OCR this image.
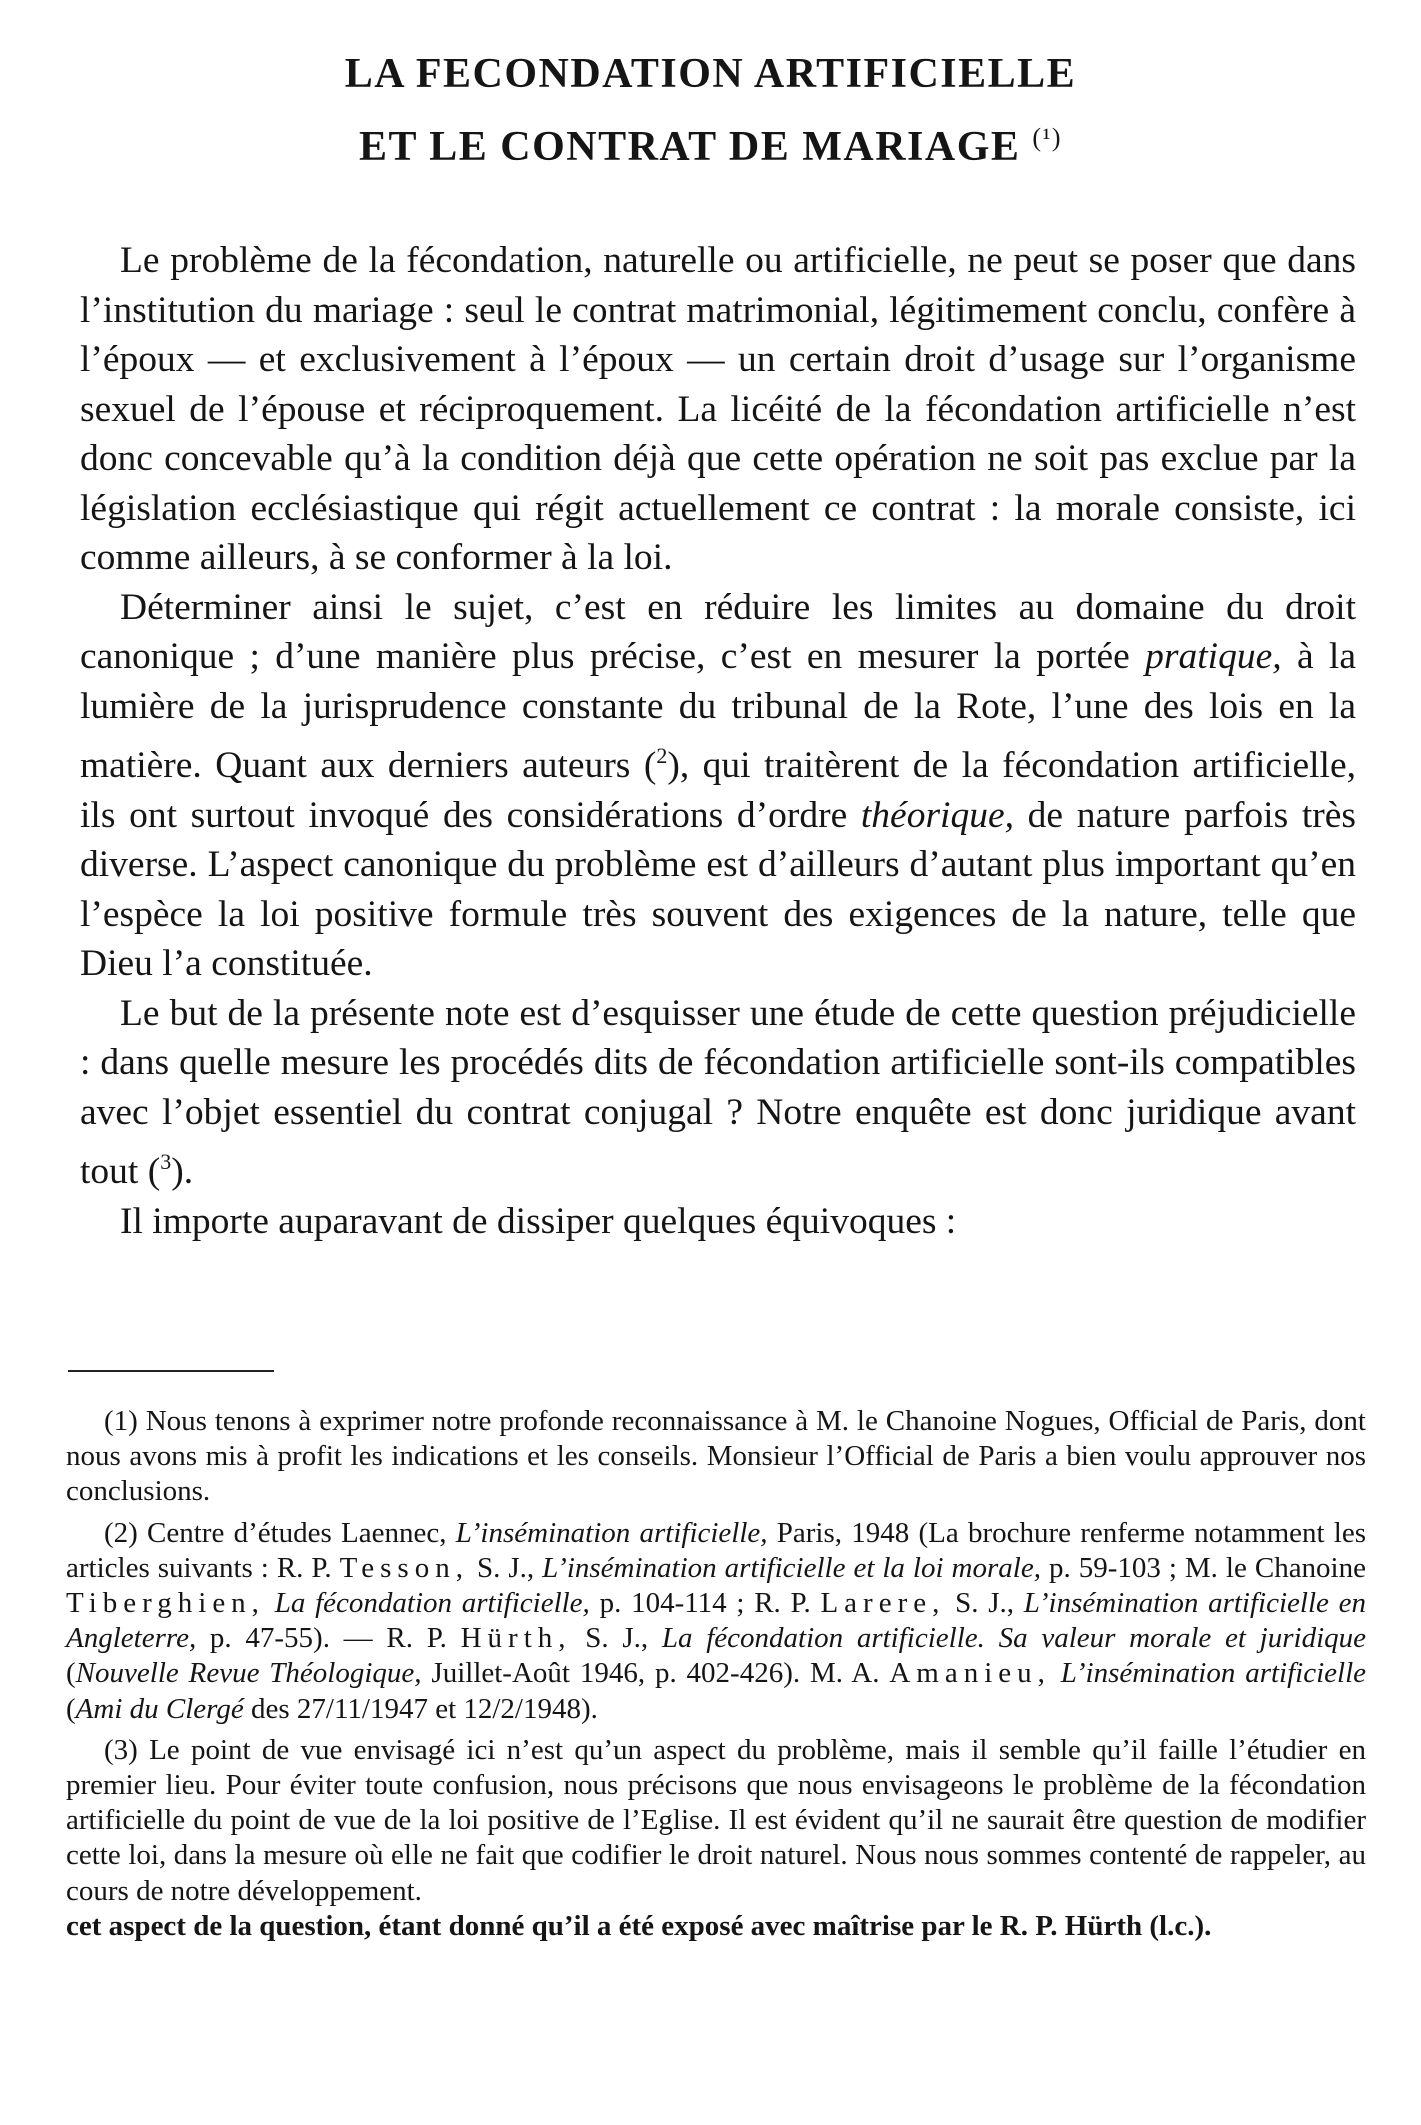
LA FECONDATION ARTIFICIELLE
ET LE CONTRAT DE MARIAGE $^{(^1)}$

Le problème de la fécondation, naturelle ou artificielle, ne peut se poser que dans l’institution du mariage : seul le contrat matrimonial, légitimement conclu, confère à l’époux — et exclusivement à l’époux — un certain droit d’usage sur l’organisme sexuel de l’épouse et réciproquement. La licéité de la fécondation artificielle n’est donc concevable qu’à la condition déjà que cette opération ne soit pas exclue par la législation ecclésiastique qui régit actuellement ce contrat : la morale consiste, ici comme ailleurs, à se conformer à la loi.

Déterminer ainsi le sujet, c’est en réduire les limites au domaine du droit canonique ; d’une manière plus précise, c’est en mesurer la portée pratique, à la lumière de la jurisprudence constante du tribunal de la Rote, l’une des lois en la matière. Quant aux derniers auteurs ($^2$), qui traitèrent de la fécondation artificielle, ils ont surtout invoqué des considérations d’ordre théorique, de nature parfois très diverse. L’aspect canonique du problème est d’ailleurs d’autant plus important qu’en l’espèce la loi positive formule très souvent des exigences de la nature, telle que Dieu l’a constituée.

Le but de la présente note est d’esquisser une étude de cette question préjudicielle : dans quelle mesure les procédés dits de fécondation artificielle sont-ils compatibles avec l’objet essentiel du contrat conjugal ? Notre enquête est donc juridique avant tout ($^3$).

Il importe auparavant de dissiper quelques équivoques :

(1) Nous tenons à exprimer notre profonde reconnaissance à M. le Chanoine Nogues, Official de Paris, dont nous avons mis à profit les indications et les conseils. Monsieur l’Official de Paris a bien voulu approuver nos conclusions.

(2) Centre d’études Laennec, L’insémination artificielle, Paris, 1948 (La brochure renferme notamment les articles suivants : R. P. Tesson, S. J., L’insémination artificielle et la loi morale, p. 59-103 ; M. le Chanoine Tiberghien, La fécondation artificielle, p. 104-114 ; R. P. Larere, S. J., L’insémination artificielle en Angleterre, p. 47-55). — R. P. Hürth, S. J., La fécondation artificielle. Sa valeur morale et juridique (Nouvelle Revue Théologique, Juillet-Août 1946, p. 402-426). M. A. Amanieu, L’insémination artificielle (Ami du Clergé des 27/11/1947 et 12/2/1948).

(3) Le point de vue envisagé ici n’est qu’un aspect du problème, mais il semble qu’il faille l’étudier en premier lieu. Pour éviter toute confusion, nous précisons que nous envisageons le problème de la fécondation artificielle du point de vue de la loi positive de l’Eglise. Il est évident qu’il ne saurait être question de modifier cette loi, dans la mesure où elle ne fait que codifier le droit naturel. Nous nous sommes contenté de rappeler, au cours de notre développement.

cet aspect de la question, étant donné qu’il a été exposé avec maîtrise par le R. P. Hürth (l.c.).
